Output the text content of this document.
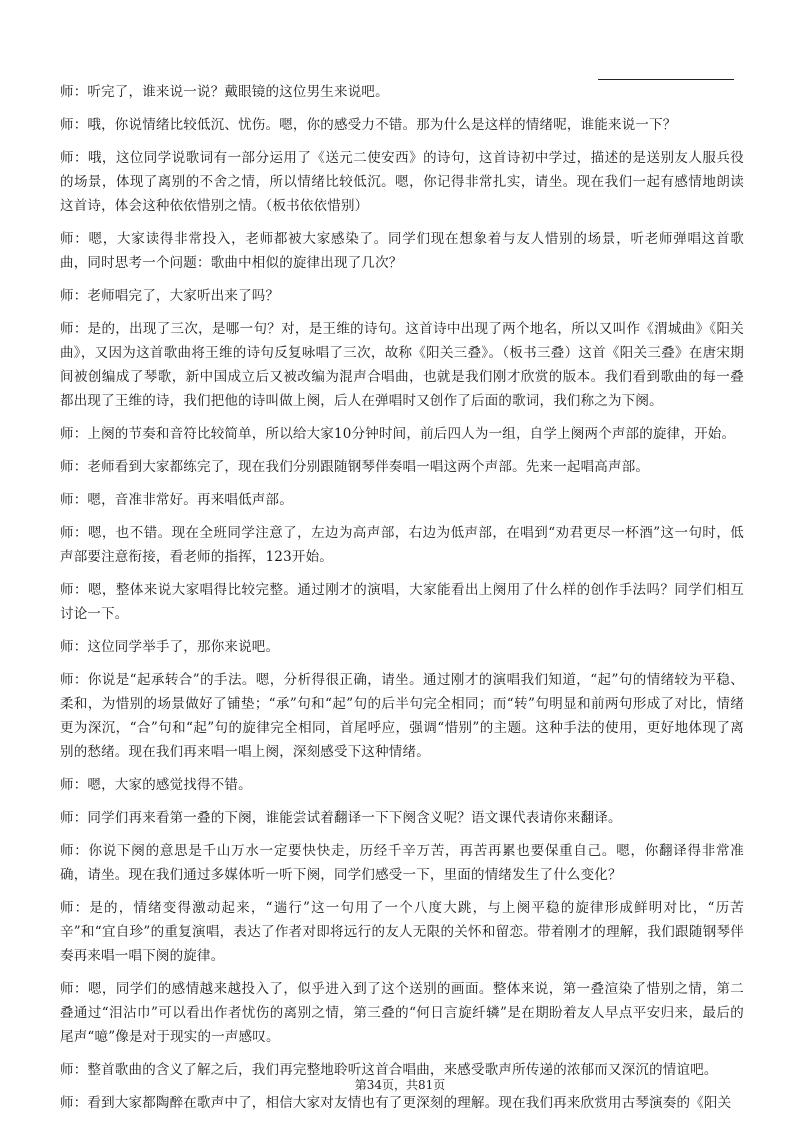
师：听完了，谁来说一说？戴眼镜的这位男生来说吧。

师：哦，你说情绪比较低沉、忧伤。嗯，你的感受力不错。那为什么是这样的情绪呢，谁能来说一下？

师：哦，这位同学说歌词有一部分运用了《送元二使安西》的诗句，这首诗初中学过，描述的是送别友人服兵役的场景，体现了离别的不舍之情，所以情绪比较低沉。嗯，你记得非常扎实，请坐。现在我们一起有感情地朗读这首诗，体会这种依依惜别之情。（板书依依惜别）

师：嗯，大家读得非常投入，老师都被大家感染了。同学们现在想象着与友人惜别的场景，听老师弹唱这首歌曲，同时思考一个问题：歌曲中相似的旋律出现了几次？

师：老师唱完了，大家听出来了吗？

师：是的，出现了三次，是哪一句？对，是王维的诗句。这首诗中出现了两个地名，所以又叫作《渭城曲》《阳关曲》，又因为这首歌曲将王维的诗句反复咏唱了三次，故称《阳关三叠》。（板书三叠）这首《阳关三叠》在唐宋期间被创编成了琴歌，新中国成立后又被改编为混声合唱曲，也就是我们刚才欣赏的版本。我们看到歌曲的每一叠都出现了王维的诗，我们把他的诗叫做上阕，后人在弹唱时又创作了后面的歌词，我们称之为下阕。

师：上阕的节奏和音符比较简单，所以给大家10分钟时间，前后四人为一组，自学上阕两个声部的旋律，开始。

师：老师看到大家都练完了，现在我们分别跟随钢琴伴奏唱一唱这两个声部。先来一起唱高声部。

师：嗯，音准非常好。再来唱低声部。

师：嗯，也不错。现在全班同学注意了，左边为高声部，右边为低声部，在唱到“劝君更尽一杯酒”这一句时，低声部要注意衔接，看老师的指挥，123开始。

师：嗯，整体来说大家唱得比较完整。通过刚才的演唱，大家能看出上阕用了什么样的创作手法吗？同学们相互讨论一下。

师：这位同学举手了，那你来说吧。

师：你说是“起承转合”的手法。嗯，分析得很正确，请坐。通过刚才的演唱我们知道，“起”句的情绪较为平稳、柔和，为惜别的场景做好了铺垫；“承”句和“起”句的后半句完全相同；而“转”句明显和前两句形成了对比，情绪更为深沉，“合”句和“起”句的旋律完全相同，首尾呼应，强调“惜别”的主题。这种手法的使用，更好地体现了离别的愁绪。现在我们再来唱一唱上阕，深刻感受下这种情绪。

师：嗯，大家的感觉找得不错。

师：同学们再来看第一叠的下阕，谁能尝试着翻译一下下阕含义呢？语文课代表请你来翻译。

师：你说下阕的意思是千山万水一定要快快走，历经千辛万苦，再苦再累也要保重自己。嗯，你翻译得非常准确，请坐。现在我们通过多媒体听一听下阕，同学们感受一下，里面的情绪发生了什么变化？

师：是的，情绪变得激动起来，“遄行”这一句用了一个八度大跳，与上阕平稳的旋律形成鲜明对比，“历苦辛”和“宜自珍”的重复演唱，表达了作者对即将远行的友人无限的关怀和留恋。带着刚才的理解，我们跟随钢琴伴奏再来唱一唱下阕的旋律。

师：嗯，同学们的感情越来越投入了，似乎进入到了这个送别的画面。整体来说，第一叠渲染了惜别之情，第二叠通过“泪沾巾”可以看出作者忧伤的离别之情，第三叠的“何日言旋纤辚”是在期盼着友人早点平安归来，最后的尾声“噫”像是对于现实的一声感叹。

师：整首歌曲的含义了解之后，我们再完整地聆听这首合唱曲，来感受歌声所传递的浓郁而又深沉的情谊吧。

师：看到大家都陶醉在歌声中了，相信大家对友情也有了更深刻的理解。现在我们再来欣赏用古琴演奏的《阳关

第34页，共81页
